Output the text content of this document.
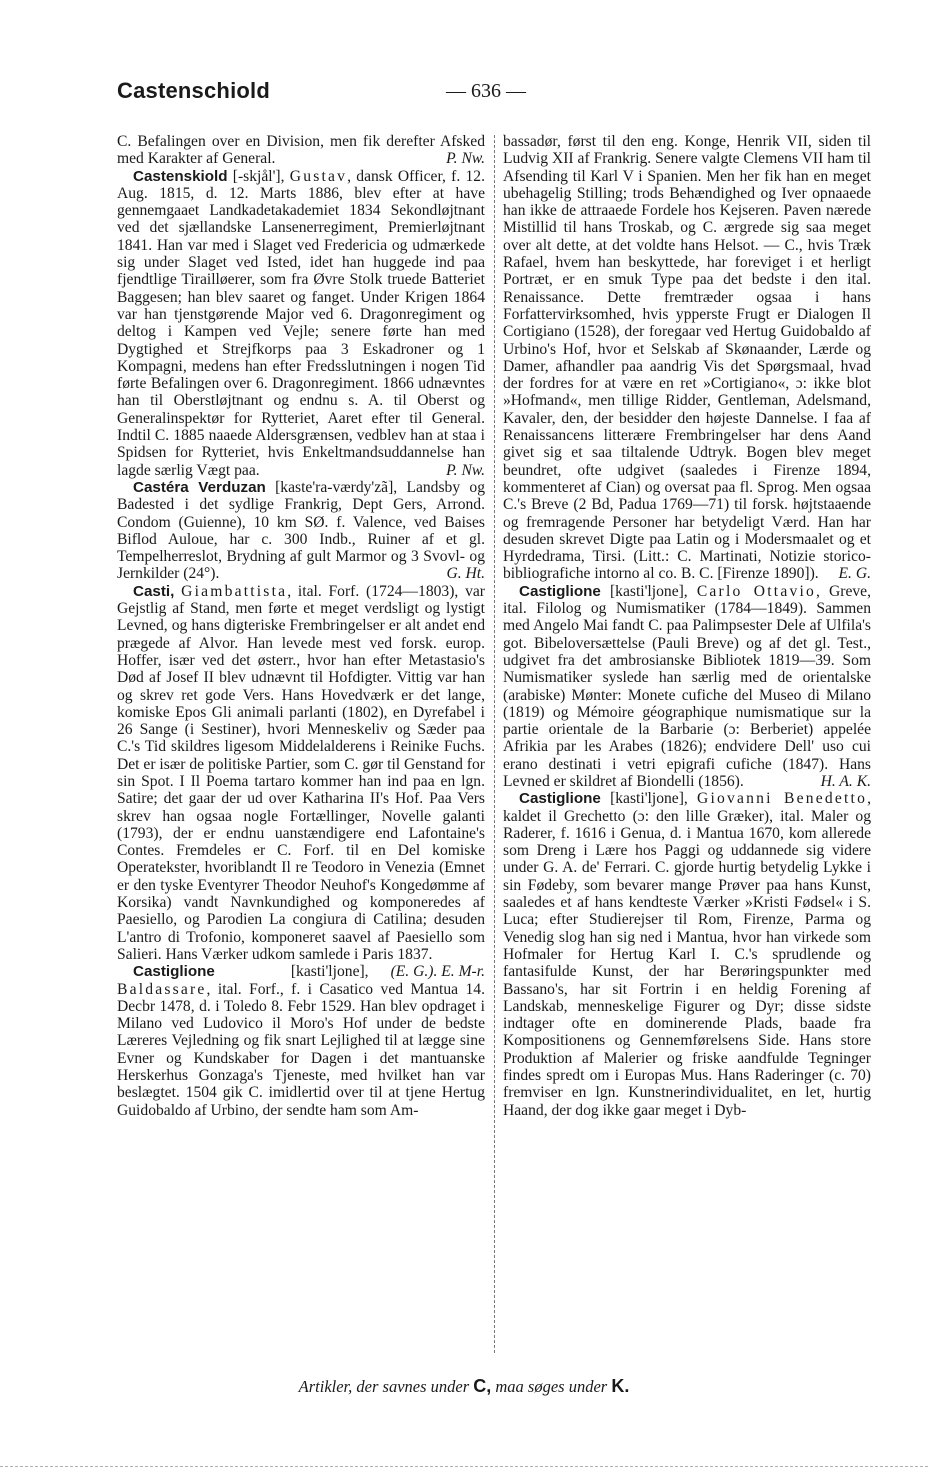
Castenschiold	— 636 —

C. Befalingen over en Division, men fik derefter Afsked med Karakter af General.	P. Nw.

Castenskiold [-skjål'], Gustav, dansk Officer, f. 12. Aug. 1815, d. 12. Marts 1886, blev efter at have gennemgaaet Landkadetakademiet 1834 Sekondløjtnant ved det sjællandske Lansenerregiment, Premierløjtnant 1841. Han var med i Slaget ved Fredericia og udmærkede sig under Slaget ved Isted, idet han huggede ind paa fjendtlige Tirailløerer, som fra Øvre Stolk truede Batteriet Baggesen; han blev saaret og fanget. Under Krigen 1864 var han tjenstgørende Major ved 6. Dragonregiment og deltog i Kampen ved Vejle; senere førte han med Dygtighed et Strejfkorps paa 3 Eskadroner og 1 Kompagni, medens han efter Fredsslutningen i nogen Tid førte Befalingen over 6. Dragonregiment. 1866 udnævntes han til Oberstløjtnant og endnu s. A. til Oberst og Generalinspektør for Rytteriet, Aaret efter til General. Indtil C. 1885 naaede Aldersgrænsen, vedblev han at staa i Spidsen for Rytteriet, hvis Enkeltmandsuddannelse han lagde særlig Vægt paa.	P. Nw.

Castéra Verduzan [kaste'ra-værdy'zã], Landsby og Badested i det sydlige Frankrig, Dept Gers, Arrond. Condom (Guienne), 10 km SØ. f. Valence, ved Baises Biflod Auloue, har c. 300 Indb., Ruiner af et gl. Tempelherreslot, Brydning af gult Marmor og 3 Svovl- og Jernkilder (24°).	G. Ht.

Casti, Giambattista, ital. Forf. (1724—1803), var Gejstlig af Stand, men førte et meget verdsligt og lystigt Levned, og hans digteriske Frembringelser er alt andet end prægede af Alvor. Han levede mest ved forsk. europ. Hoffer, især ved det østerr., hvor han efter Metastasio's Død af Josef II blev udnævnt til Hofdigter. Vittig var han og skrev ret gode Vers. Hans Hovedværk er det lange, komiske Epos Gli animali parlanti (1802), en Dyrefabel i 26 Sange (i Sestiner), hvori Menneskeliv og Sæder paa C.'s Tid skildres ligesom Middelalderens i Reinike Fuchs. Det er især de politiske Partier, som C. gør til Genstand for sin Spot. I Il Poema tartaro kommer han ind paa en lgn. Satire; det gaar der ud over Katharina II's Hof. Paa Vers skrev han ogsaa nogle Fortællinger, Novelle galanti (1793), der er endnu uanstændigere end Lafontaine's Contes. Fremdeles er C. Forf. til en Del komiske Operatekster, hvoriblandt Il re Teodoro in Venezia (Emnet er den tyske Eventyrer Theodor Neuhof's Kongedømme af Korsika) vandt Navnkundighed og komponeredes af Paesiello, og Parodien La congiura di Catilina; desuden L'antro di Trofonio, komponeret saavel af Paesiello som Salieri. Hans Værker udkom samlede i Paris 1837.
(E. G.). E. M-r.

Castiglione [kasti'ljone], Baldassare, ital. Forf., f. i Casatico ved Mantua 14. Decbr 1478, d. i Toledo 8. Febr 1529. Han blev opdraget i Milano ved Ludovico il Moro's Hof under de bedste Læreres Vejledning og fik snart Lejlighed til at lægge sine Evner og Kundskaber for Dagen i det mantuanske Herskerhus Gonzaga's Tjeneste, med hvilket han var beslægtet. 1504 gik C. imidlertid over til at tjene Hertug Guidobaldo af Urbino, der sendte ham som Am-

bassadør, først til den eng. Konge, Henrik VII, siden til Ludvig XII af Frankrig. Senere valgte Clemens VII ham til Afsending til Karl V i Spanien. Men her fik han en meget ubehagelig Stilling; trods Behændighed og Iver opnaaede han ikke de attraaede Fordele hos Kejseren. Paven nærede Mistillid til hans Troskab, og C. ærgrede sig saa meget over alt dette, at det voldte hans Helsot. — C., hvis Træk Rafael, hvem han beskyttede, har foreviget i et herligt Portræt, er en smuk Type paa det bedste i den ital. Renaissance. Dette fremtræder ogsaa i hans Forfattervirksomhed, hvis ypperste Frugt er Dialogen Il Cortigiano (1528), der foregaar ved Hertug Guidobaldo af Urbino's Hof, hvor et Selskab af Skønaander, Lærde og Damer, afhandler paa aandrig Vis det Spørgsmaal, hvad der fordres for at være en ret »Cortigiano«, ɔ: ikke blot »Hofmand«, men tillige Ridder, Gentleman, Adelsmand, Kavaler, den, der besidder den højeste Dannelse. I faa af Renaissancens litterære Frembringelser har dens Aand givet sig et saa tiltalende Udtryk. Bogen blev meget beundret, ofte udgivet (saaledes i Firenze 1894, kommenteret af Cian) og oversat paa fl. Sprog. Men ogsaa C.'s Breve (2 Bd, Padua 1769—71) til forsk. højtstaaende og fremragende Personer har betydeligt Værd. Han har desuden skrevet Digte paa Latin og i Modersmaalet og et Hyrdedrama, Tirsi. (Litt.: C. Martinati, Notizie storico-bibliografiche intorno al co. B. C. [Firenze 1890]).	E. G.

Castiglione [kasti'ljone], Carlo Ottavio, Greve, ital. Filolog og Numismatiker (1784—1849). Sammen med Angelo Mai fandt C. paa Palimpsester Dele af Ulfila's got. Bibeloversættelse (Pauli Breve) og af det gl. Test., udgivet fra det ambrosianske Bibliotek 1819—39. Som Numismatiker syslede han særlig med de orientalske (arabiske) Mønter: Monete cufiche del Museo di Milano (1819) og Mémoire géographique numismatique sur la partie orientale de la Barbarie (ɔ: Berberiet) appelée Afrikia par les Arabes (1826); endvidere Dell' uso cui erano destinati i vetri epigrafi cufiche (1847). Hans Levned er skildret af Biondelli (1856).	H. A. K.

Castiglione [kasti'ljone], Giovanni Benedetto, kaldet il Grechetto (ɔ: den lille Græker), ital. Maler og Raderer, f. 1616 i Genua, d. i Mantua 1670, kom allerede som Dreng i Lære hos Paggi og uddannede sig videre under G. A. de' Ferrari. C. gjorde hurtig betydelig Lykke i sin Fødeby, som bevarer mange Prøver paa hans Kunst, saaledes et af hans kendteste Værker »Kristi Fødsel« i S. Luca; efter Studierejser til Rom, Firenze, Parma og Venedig slog han sig ned i Mantua, hvor han virkede som Hofmaler for Hertug Karl I. C.'s sprudlende og fantasifulde Kunst, der har Berøringspunkter med Bassano's, har sit Fortrin i en heldig Forening af Landskab, menneskelige Figurer og Dyr; disse sidste indtager ofte en dominerende Plads, baade fra Kompositionens og Gennemførelsens Side. Hans store Produktion af Malerier og friske aandfulde Tegninger findes spredt om i Europas Mus. Hans Raderinger (c. 70) fremviser en lgn. Kunstnerindividualitet, en let, hurtig Haand, der dog ikke gaar meget i Dyb-

Artikler, der savnes under C, maa søges under K.
